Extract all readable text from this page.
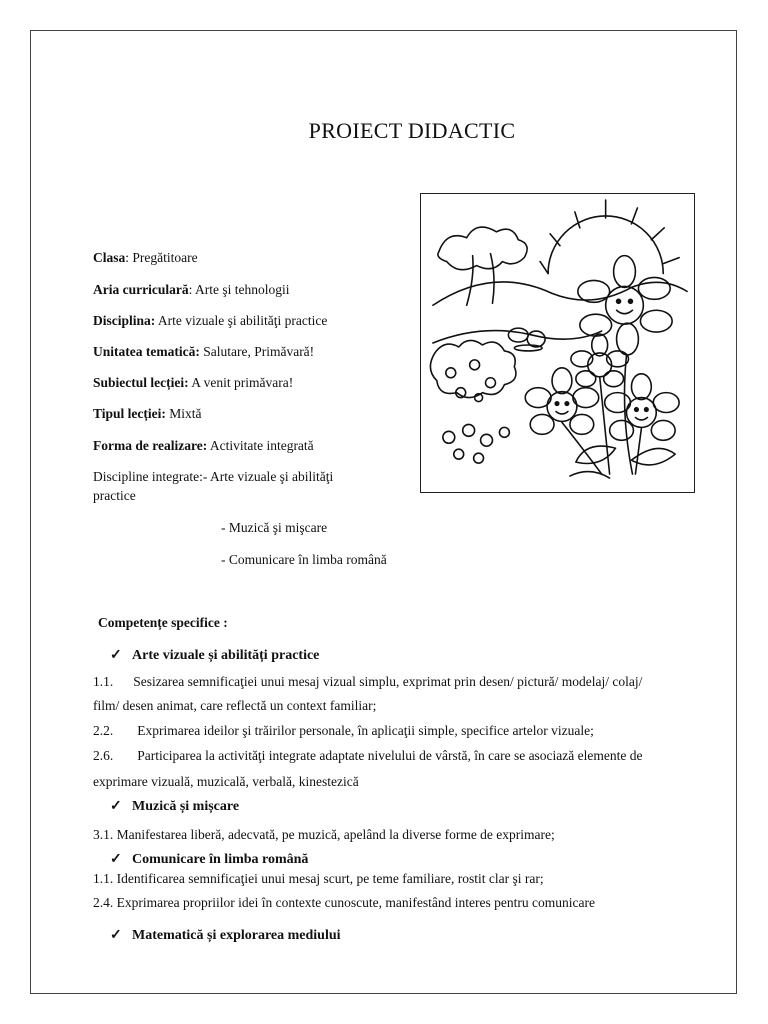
PROIECT DIDACTIC
Clasa: Pregătitoare
Aria curriculară: Arte şi tehnologii
Disciplina: Arte vizuale şi abilităţi practice
Unitatea tematică: Salutare, Primăvară!
Subiectul lecției: A venit primăvara!
Tipul lecției: Mixtă
Forma de realizare: Activitate integrată
Discipline integrate:- Arte vizuale şi abilităţi
practice
- Muzică şi mişcare
- Comunicare în limba română
Competențe specifice :
✓ Arte vizuale și abilități practice
1.1. Sesizarea semnificaţiei unui mesaj vizual simplu, exprimat prin desen/ pictură/ modelaj/ colaj/
film/ desen animat, care reflectă un context familiar;
2.2. Exprimarea ideilor şi trăirilor personale, în aplicaţii simple, specifice artelor vizuale;
2.6. Participarea la activităţi integrate adaptate nivelului de vârstă, în care se asociază elemente de
exprimare vizuală, muzicală, verbală, kinestezică
✓ Muzică și mișcare
3.1. Manifestarea liberă, adecvată, pe muzică, apelând la diverse forme de exprimare;
✓ Comunicare în limba română
1.1. Identificarea semnificaţiei unui mesaj scurt, pe teme familiare, rostit clar şi rar;
2.4. Exprimarea propriilor idei în contexte cunoscute, manifestând interes pentru comunicare
✓ Matematică și explorarea mediului
